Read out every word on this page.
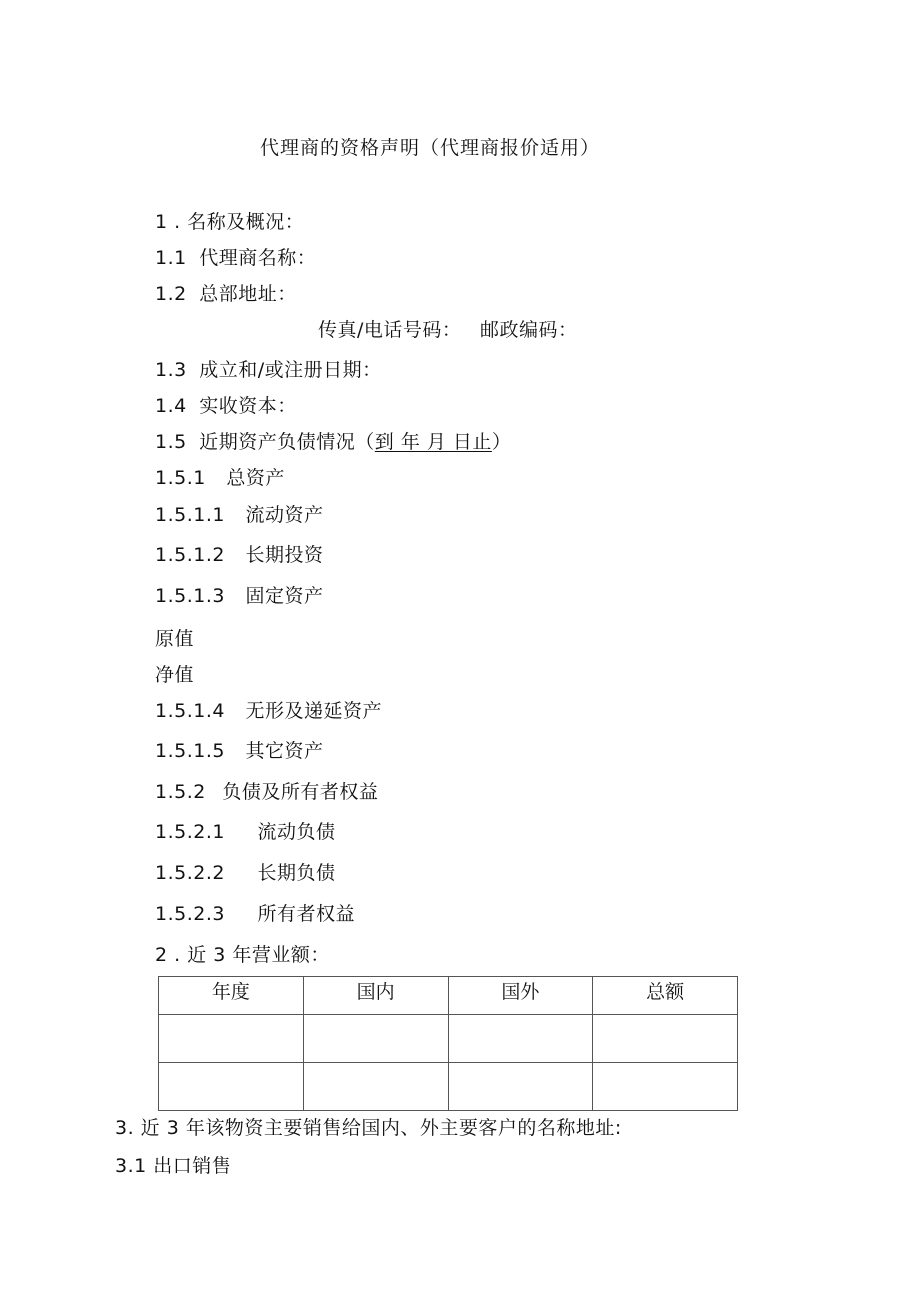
代理商的资格声明（代理商报价适用）
1 . 名称及概况：
1.1 代理商名称：
1.2 总部地址：
传真/电话号码： 邮政编码：
1.3 成立和/或注册日期：
1.4 实收资本：
1.5 近期资产负债情况（到 年 月 日止）
1.5.1 总资产
1.5.1.1 流动资产
1.5.1.2 长期投资
1.5.1.3 固定资产
原值
净值
1.5.1.4 无形及递延资产
1.5.1.5 其它资产
1.5.2 负债及所有者权益
1.5.2.1 流动负债
1.5.2.2 长期负债
1.5.2.3 所有者权益
2 . 近 3 年营业额：
年度	国内	国外	总额

3. 近 3 年该物资主要销售给国内、外主要客户的名称地址:
3.1 出口销售
